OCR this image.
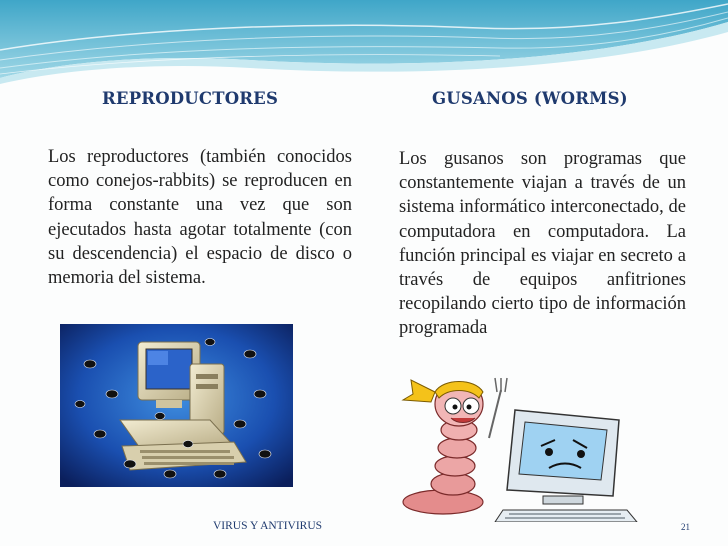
REPRODUCTORES	GUSANOS (WORMS)

Los reproductores (también conocidos como conejos-rabbits) se reproducen en forma constante una vez que son ejecutados hasta agotar totalmente (con su descendencia) el espacio de disco o memoria del sistema.

Los gusanos son programas que constantemente viajan a través de un sistema informático interconectado, de computadora en computadora. La función principal es viajar en secreto a través de equipos anfitriones recopilando cierto tipo de información programada

VIRUS Y ANTIVIRUS	21
